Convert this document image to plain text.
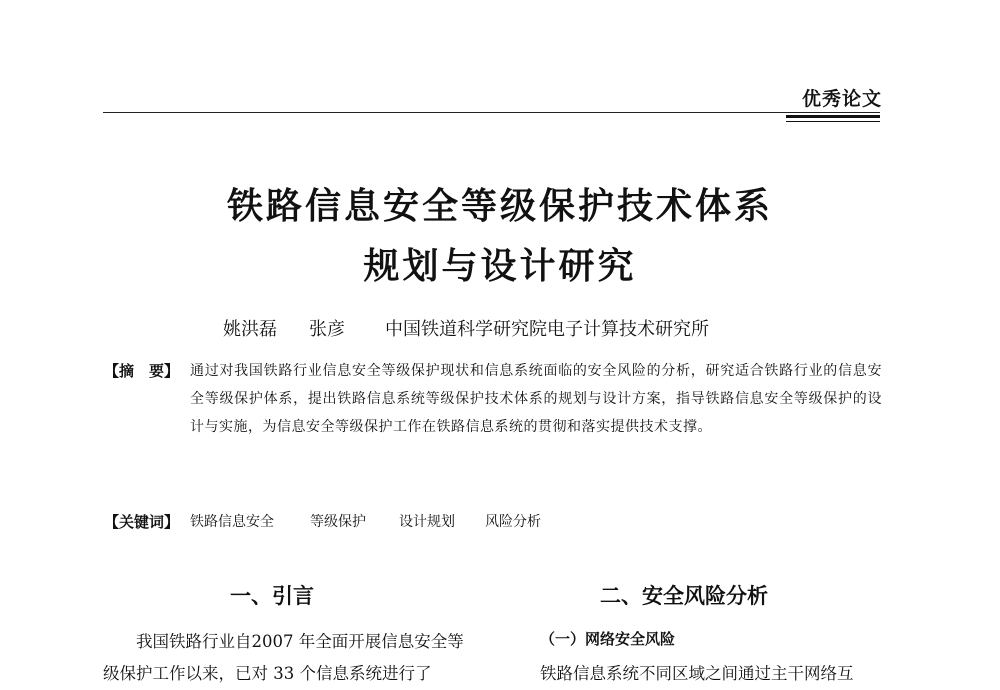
优秀论文
铁路信息安全等级保护技术体系
规划与设计研究
姚洪磊 张彦 中国铁道科学研究院电子计算技术研究所
【摘　要】 通过对我国铁路行业信息安全等级保护现状和信息系统面临的安全风险的分析，研究适合铁路行业的信息安全等级保护体系，提出铁路信息系统等级保护技术体系的规划与设计方案，指导铁路信息安全等级保护的设计与实施，为信息安全等级保护工作在铁路信息系统的贯彻和落实提供技术支撑。
【关键词】 铁路信息安全	等级保护 设计规划 风险分析
一、引言
我国铁路行业自2007 年全面开展信息安全等级保护工作以来，已对 33 个信息系统进行了
二、安全风险分析
（一）网络安全风险
铁路信息系统不同区域之间通过主干网络互
